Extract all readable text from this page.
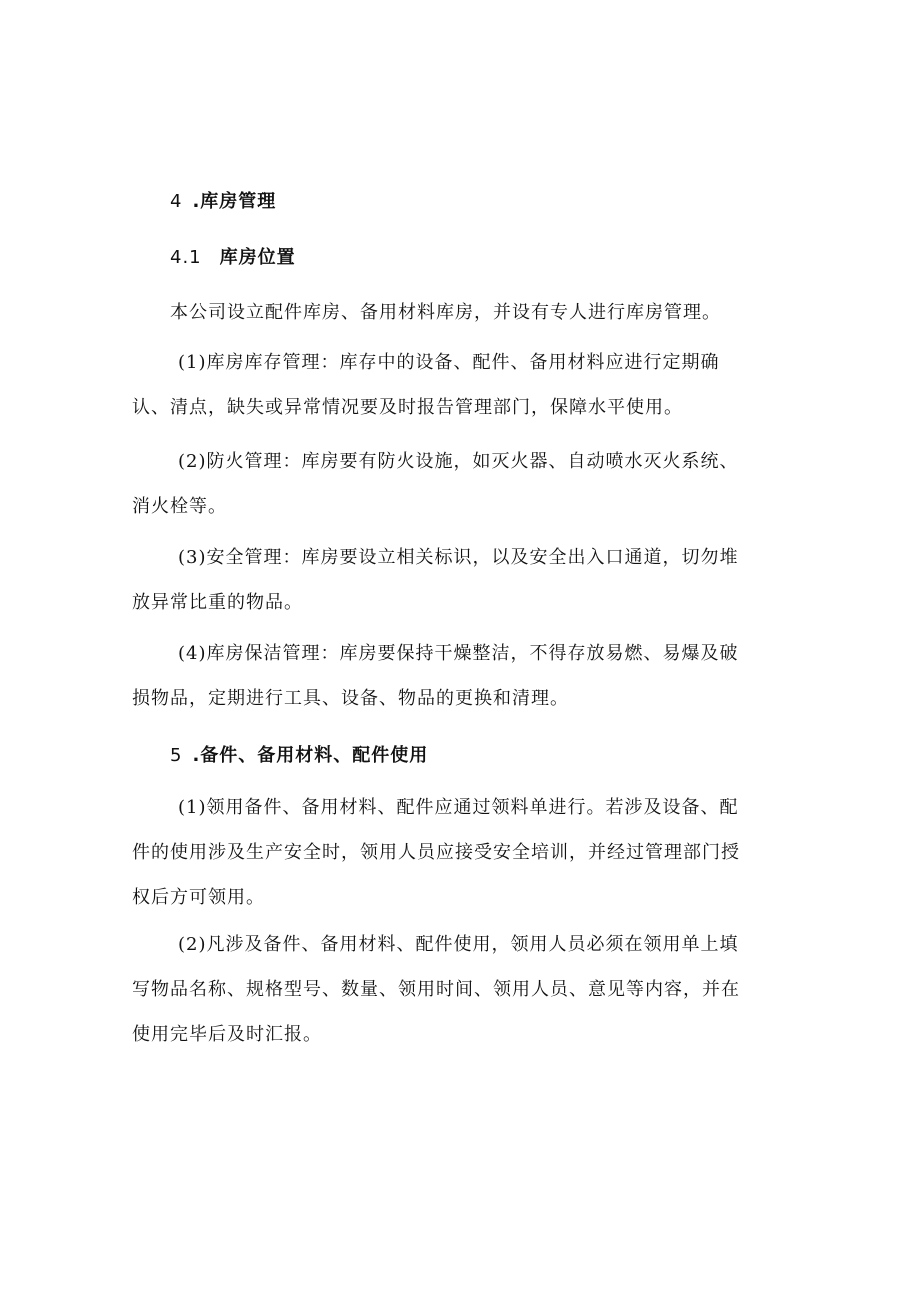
4 .库房管理
4.1 库房位置
本公司设立配件库房、备用材料库房，并设有专人进行库房管理。
(1)库房库存管理：库存中的设备、配件、备用材料应进行定期确
认、清点，缺失或异常情况要及时报告管理部门，保障水平使用。
(2)防火管理：库房要有防火设施，如灭火器、自动喷水灭火系统、
消火栓等。
(3)安全管理：库房要设立相关标识，以及安全出入口通道，切勿堆
放异常比重的物品。
(4)库房保洁管理：库房要保持干燥整洁，不得存放易燃、易爆及破
损物品，定期进行工具、设备、物品的更换和清理。
5 .备件、备用材料、配件使用
(1)领用备件、备用材料、配件应通过领料单进行。若涉及设备、配
件的使用涉及生产安全时，领用人员应接受安全培训，并经过管理部门授
权后方可领用。
(2)凡涉及备件、备用材料、配件使用，领用人员必须在领用单上填
写物品名称、规格型号、数量、领用时间、领用人员、意见等内容，并在
使用完毕后及时汇报。
